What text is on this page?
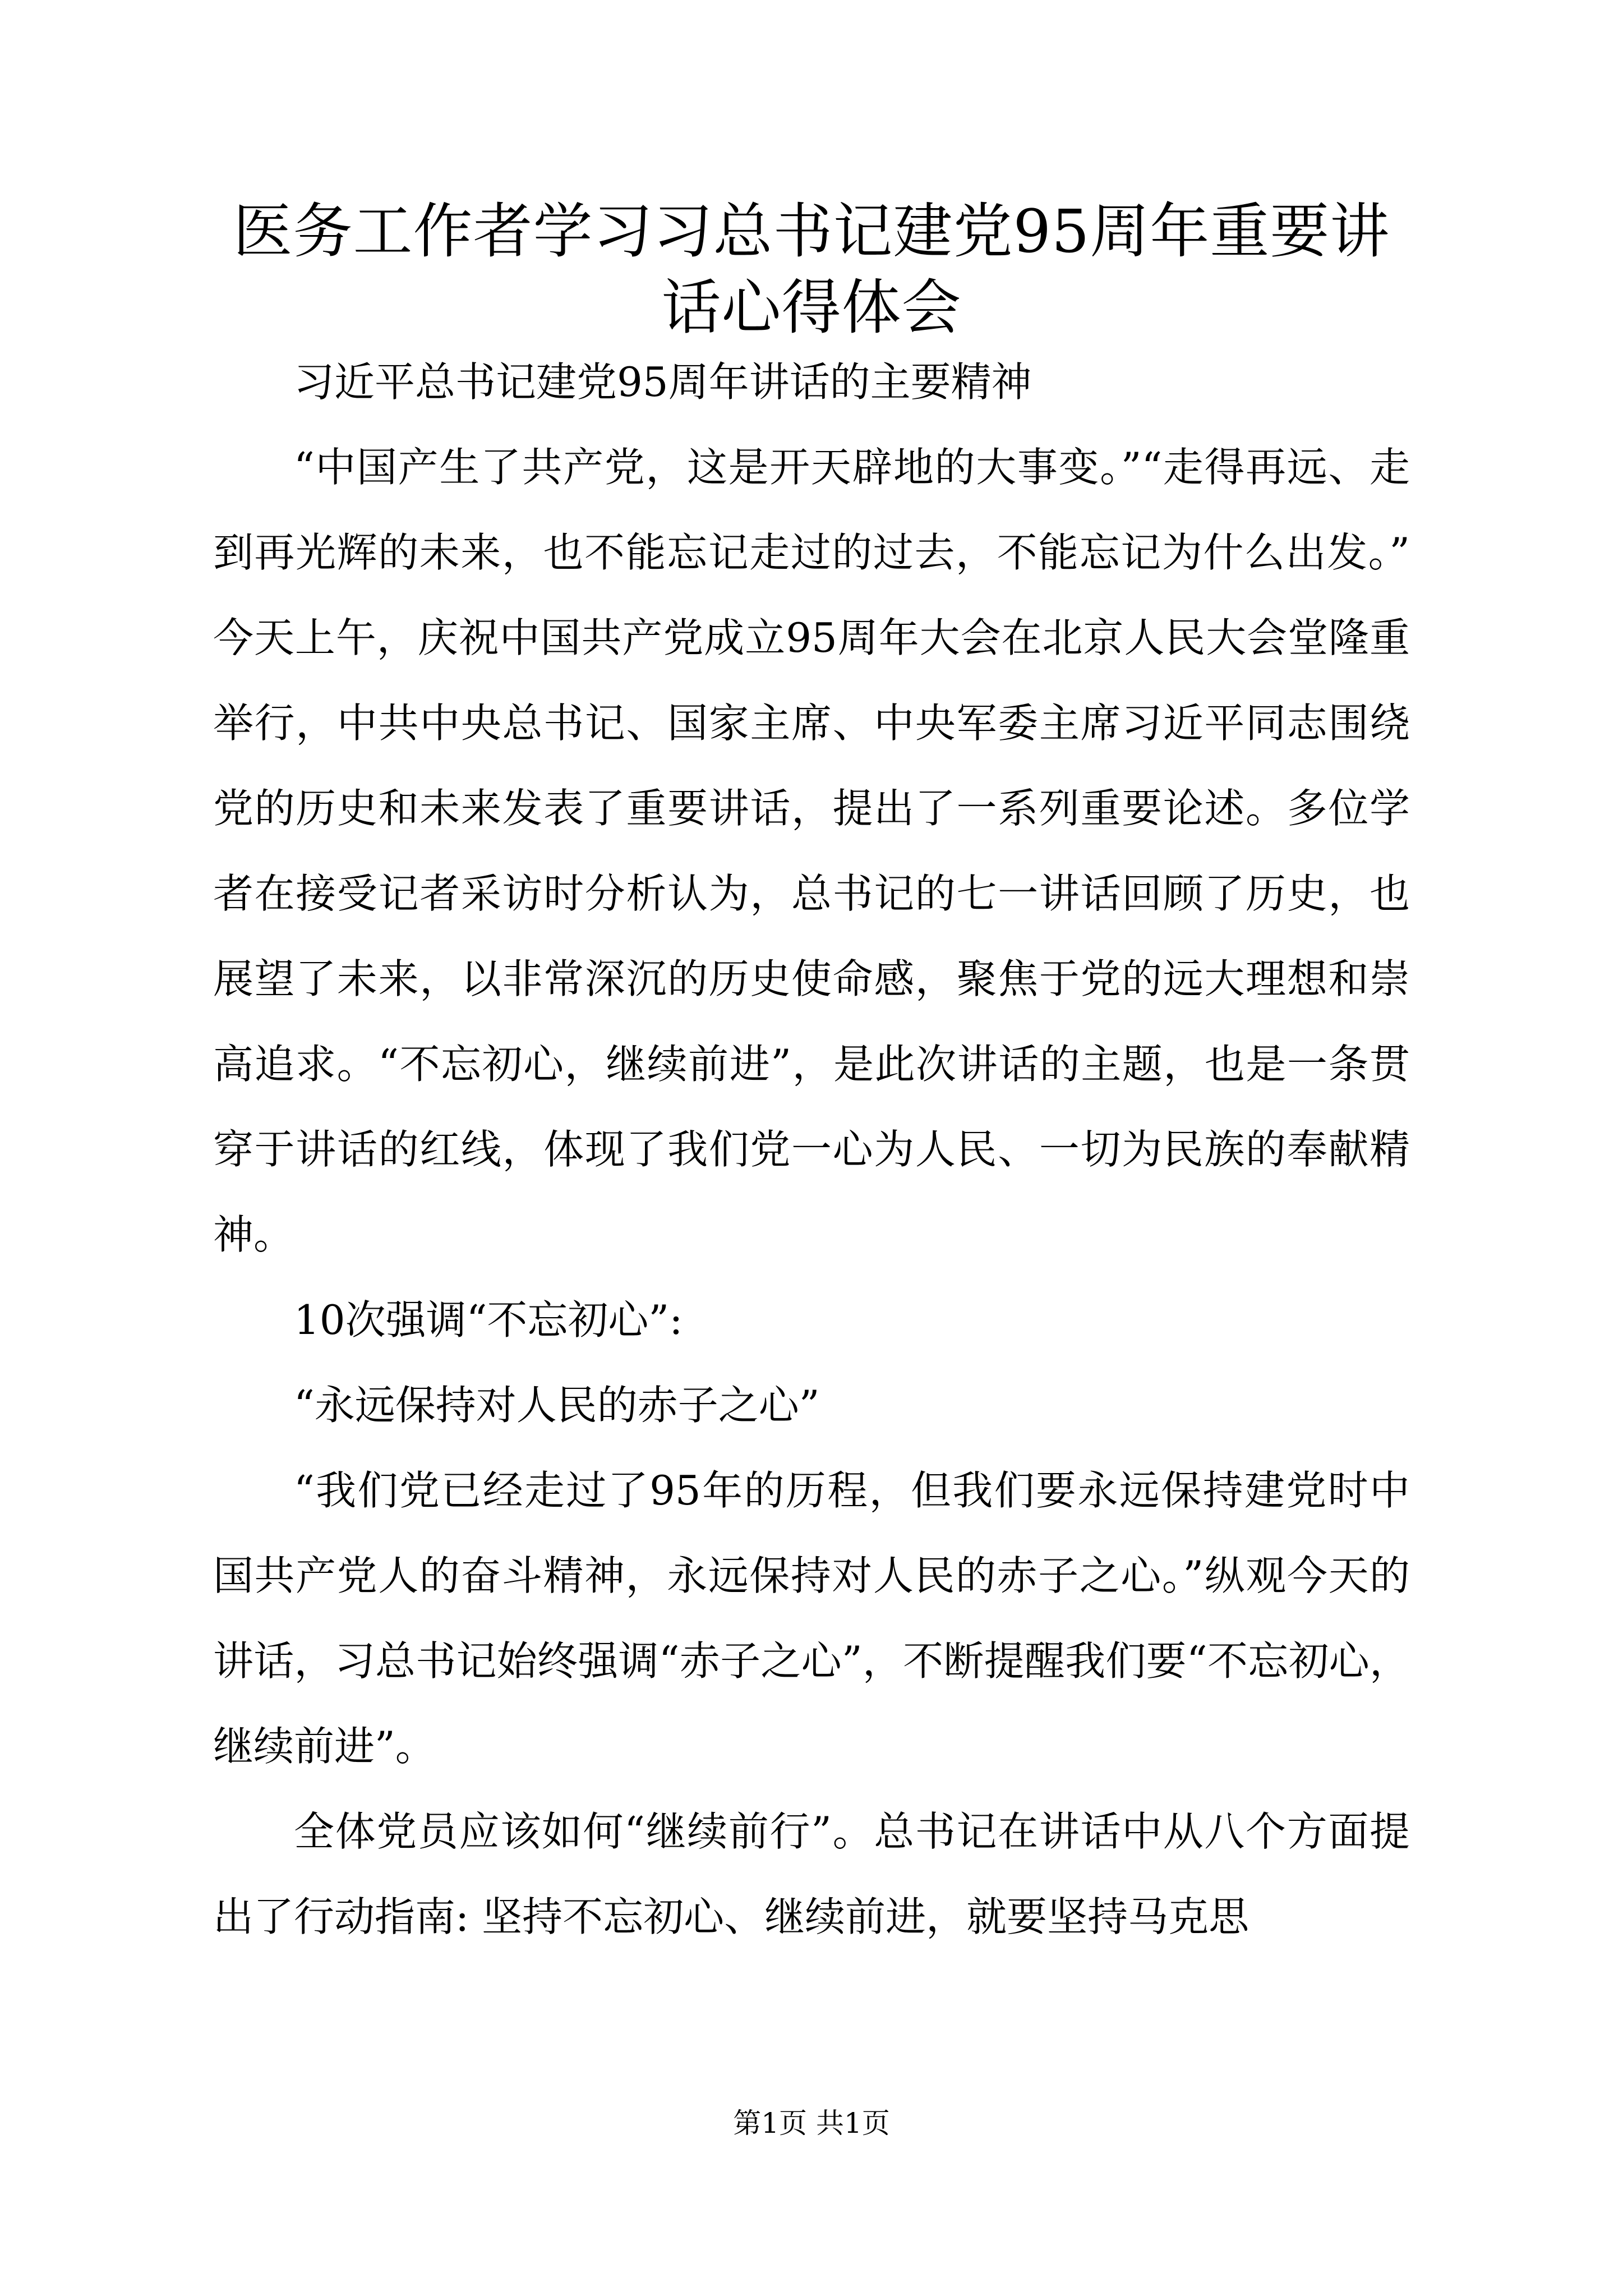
医务工作者学习习总书记建党95周年重要讲话心得体会

习近平总书记建党95周年讲话的主要精神

“中国产生了共产党，这是开天辟地的大事变。”“走得再远、走到再光辉的未来，也不能忘记走过的过去，不能忘记为什么出发。”今天上午，庆祝中国共产党成立95周年大会在北京人民大会堂隆重举行，中共中央总书记、国家主席、中央军委主席习近平同志围绕党的历史和未来发表了重要讲话，提出了一系列重要论述。多位学者在接受记者采访时分析认为，总书记的七一讲话回顾了历史，也展望了未来，以非常深沉的历史使命感，聚焦于党的远大理想和崇高追求。“不忘初心，继续前进”，是此次讲话的主题，也是一条贯穿于讲话的红线，体现了我们党一心为人民、一切为民族的奉献精神。

10次强调“不忘初心”:

“永远保持对人民的赤子之心”

“我们党已经走过了95年的历程，但我们要永远保持建党时中国共产党人的奋斗精神，永远保持对人民的赤子之心。”纵观今天的讲话，习总书记始终强调“赤子之心”，不断提醒我们要“不忘初心，继续前进”。

全体党员应该如何“继续前行”。总书记在讲话中从八个方面提出了行动指南: 坚持不忘初心、继续前进，就要坚持马克思

第1页 共1页
